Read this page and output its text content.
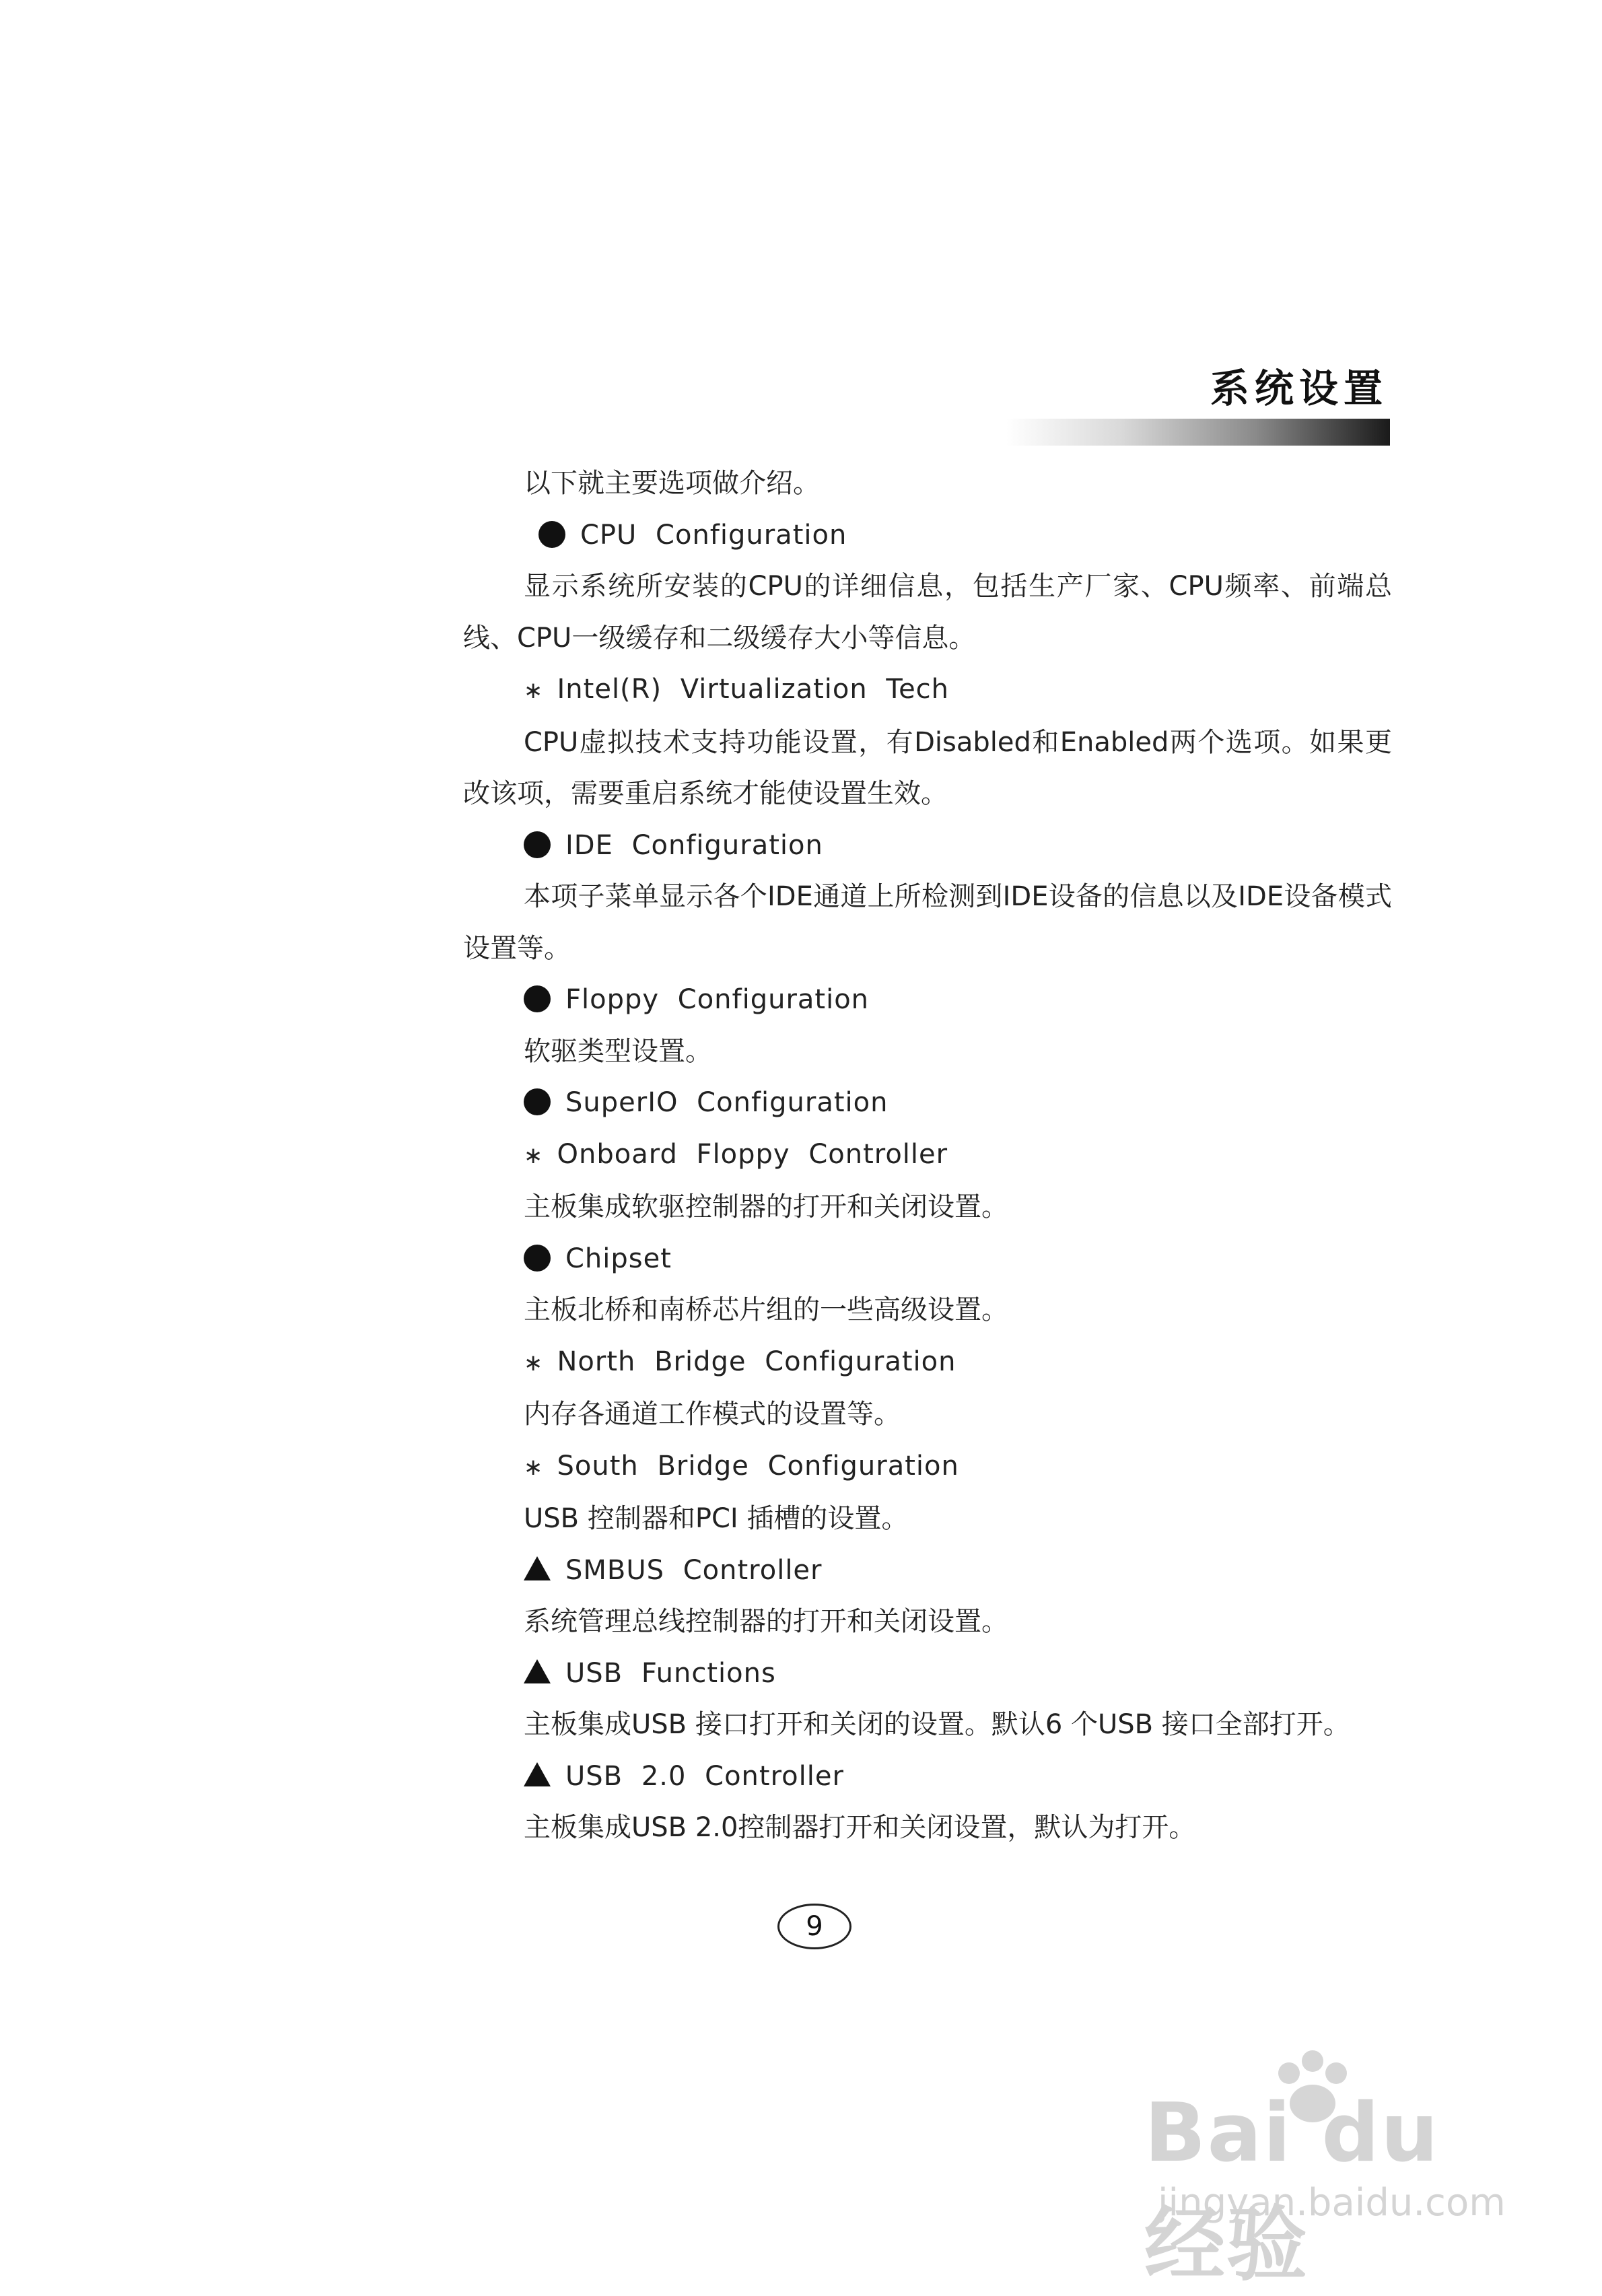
系统设置
以下就主要选项做介绍。
CPU Configuration
显示系统所安装的CPU的详细信息，包括生产厂家、CPU频率、前端总线、CPU一级缓存和二级缓存大小等信息。
∗ Intel(R) Virtualization Tech
CPU虚拟技术支持功能设置，有Disabled和Enabled两个选项。如果更改该项，需要重启系统才能使设置生效。
IDE Configuration
本项子菜单显示各个IDE通道上所检测到IDE设备的信息以及IDE设备模式设置等。
Floppy Configuration
软驱类型设置。
SuperIO Configuration
∗ Onboard Floppy Controller
主板集成软驱控制器的打开和关闭设置。
Chipset
主板北桥和南桥芯片组的一些高级设置。
∗ North Bridge Configuration
内存各通道工作模式的设置等。
∗ South Bridge Configuration
USB 控制器和PCI 插槽的设置。
SMBUS Controller
系统管理总线控制器的打开和关闭设置。
USB Functions
主板集成USB 接口打开和关闭的设置。默认6 个USB 接口全部打开。
USB 2.0 Controller
主板集成USB 2.0控制器打开和关闭设置，默认为打开。
9
Bai du 经验
jingyan.baidu.com
